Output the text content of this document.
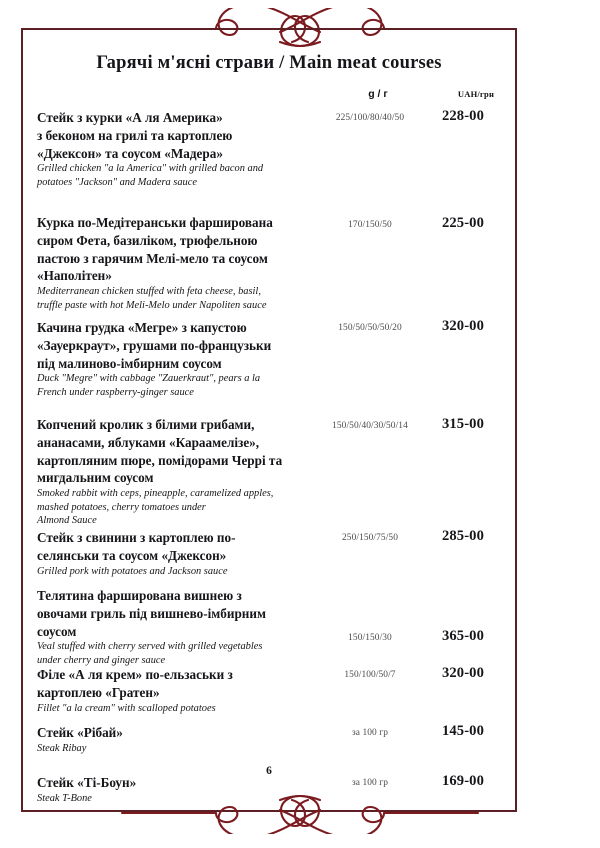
Гарячі м'ясні страви / Main meat courses
g / г	UAH/грн
Стейк з курки «А ля Америка»
з беконом на грилі та картоплею
«Джексон» та соусом «Мадера»
Grilled chicken "a la America" with grilled bacon and
potatoes "Jackson" and Madera sauce
225/100/80/40/50	228-00
Курка по-Медітеранськи фарширована
сиром Фета, базиліком, трюфельною
пастою з гарячим Мелі-мело та соусом
«Наполітен»
Mediterranean chicken stuffed with feta cheese, basil,
truffle paste with hot Meli-Melo under Napoliten sauce
170/150/50	225-00
Качина грудка «Мегре» з капустою
«Зауеркраут», грушами по-французьки
під малиново-імбирним соусом
Duck "Megre" with cabbage "Zauerkraut", pears a la
French under raspberry-ginger sauce
150/50/50/50/20	320-00
Копчений кролик з білими грибами,
ананасами, яблуками «Караамелізе»,
картопляним пюре, помідорами Черрі та
мигдальним соусом
Smoked rabbit with ceps, pineapple, caramelized apples,
mashed potatoes, cherry tomatoes under
Almond Sauce
150/50/40/30/50/14	315-00
Стейк з свинини з картоплею по-
селянськи та соусом «Джексон»
Grilled pork with potatoes and Jackson sauce
250/150/75/50	285-00
Телятина фарширована вишнею з
овочами гриль під вишнево-імбирним
соусом
Veal stuffed with cherry served with grilled vegetables
under cherry and ginger sauce
150/150/30	365-00
Філе «А ля крем» по-ельзаськи з
картоплею «Гратен»
Fillet "a la cream" with scalloped potatoes
150/100/50/7	320-00
Стейк «Рібай»
Steak Ribay
за 100 гр	145-00
Стейк «Ті-Боун»
Steak T-Bone
за 100 гр	169-00
6
